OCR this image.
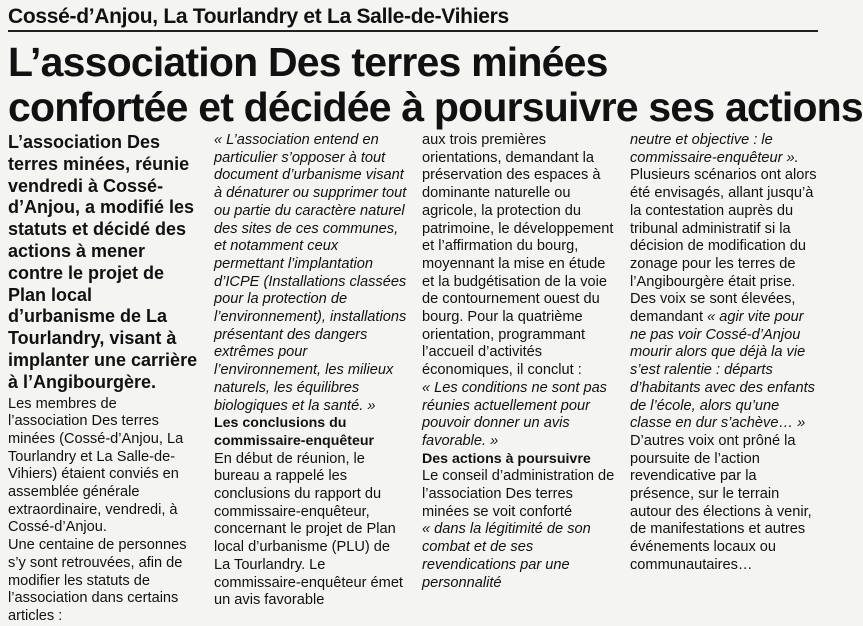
Cossé-d’Anjou, La Tourlandry et La Salle-de-Vihiers
L’association Des terres minées
confortée et décidée à poursuivre ses actions

L’association Des terres minées, réunie vendredi à Cossé-d’Anjou, a modifié les statuts et décidé des actions à mener contre le projet de Plan local d’urbanisme de La Tourlandry, visant à implanter une carrière à l’Angibourgère.

Les membres de l’association Des terres minées (Cossé-d’Anjou, La Tourlandry et La Salle-de-Vihiers) étaient conviés en assemblée générale extraordinaire, vendredi, à Cossé-d’Anjou.

Une centaine de personnes s’y sont retrouvées, afin de modifier les statuts de l’association dans certains articles :

« L’association entend en particulier s’opposer à tout document d’urbanisme visant à dénaturer ou supprimer tout ou partie du caractère naturel des sites de ces communes, et notamment ceux permettant l’implantation d’ICPE (Installations classées pour la protection de l’environnement), installations présentant des dangers extrêmes pour l’environnement, les milieux naturels, les équilibres biologiques et la santé. »

Les conclusions du commissaire-enquêteur

En début de réunion, le bureau a rappelé les conclusions du rapport du commissaire-enquêteur, concernant le projet de Plan local d’urbanisme (PLU) de La Tourlandry. Le commissaire-enquêteur émet un avis favorable

aux trois premières orientations, demandant la préservation des espaces à dominante naturelle ou agricole, la protection du patrimoine, le développement et l’affirmation du bourg, moyennant la mise en étude et la budgétisation de la voie de contournement ouest du bourg. Pour la quatrième orientation, programmant l’accueil d’activités économiques, il conclut :

« Les conditions ne sont pas réunies actuellement pour pouvoir donner un avis favorable. »

Des actions à poursuivre

Le conseil d’administration de l’association Des terres minées se voit conforté

« dans la légitimité de son combat et de ses revendications par une personnalité

neutre et objective : le commissaire-enquêteur ».

Plusieurs scénarios ont alors été envisagés, allant jusqu’à la contestation auprès du tribunal administratif si la décision de modification du zonage pour les terres de l’Angibourgère était prise.

Des voix se sont élevées, demandant « agir vite pour ne pas voir Cossé-d’Anjou mourir alors que déjà la vie s’est ralentie : départs d’habitants avec des enfants de l’école, alors qu’une classe en dur s’achève… »

D’autres voix ont prôné la poursuite de l’action revendicative par la présence, sur le terrain autour des élections à venir, de manifestations et autres événements locaux ou communautaires…
